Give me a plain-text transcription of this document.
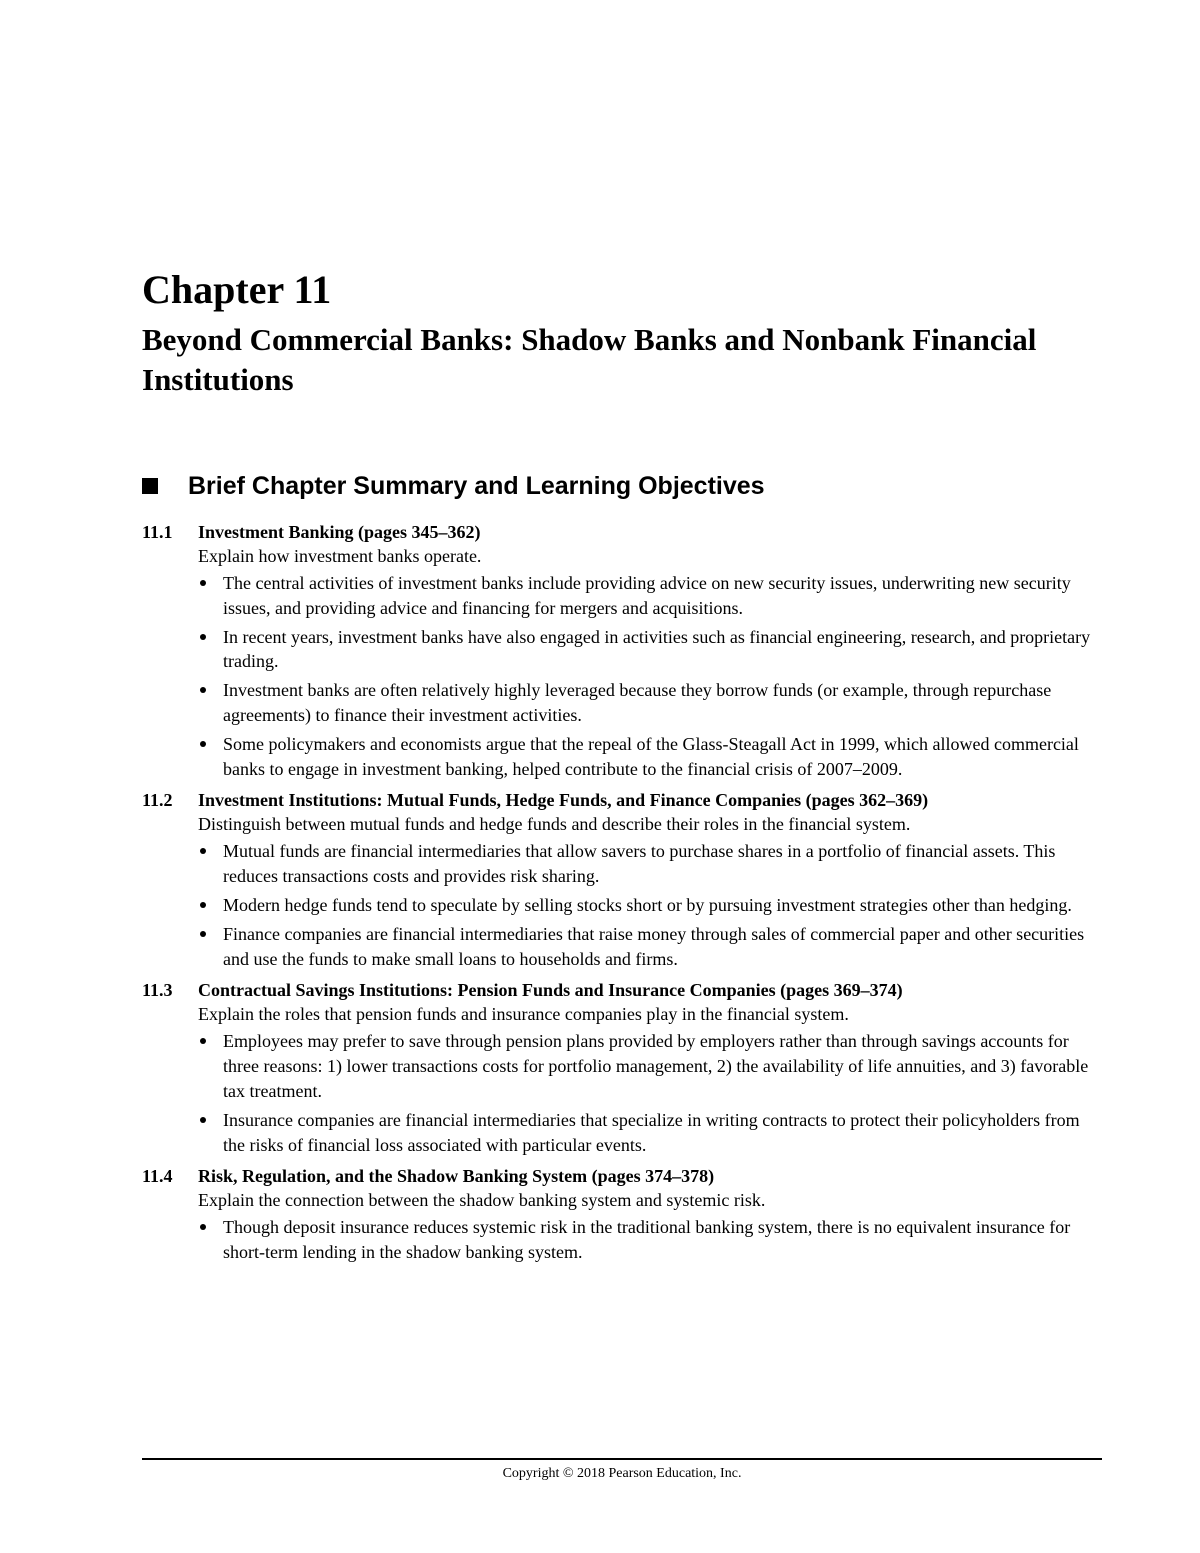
Chapter 11
Beyond Commercial Banks: Shadow Banks and Nonbank Financial Institutions
Brief Chapter Summary and Learning Objectives
11.1	Investment Banking (pages 345–362)
Explain how investment banks operate.
The central activities of investment banks include providing advice on new security issues, underwriting new security issues, and providing advice and financing for mergers and acquisitions.
In recent years, investment banks have also engaged in activities such as financial engineering, research, and proprietary trading.
Investment banks are often relatively highly leveraged because they borrow funds (or example, through repurchase agreements) to finance their investment activities.
Some policymakers and economists argue that the repeal of the Glass-Steagall Act in 1999, which allowed commercial banks to engage in investment banking, helped contribute to the financial crisis of 2007–2009.
11.2	Investment Institutions: Mutual Funds, Hedge Funds, and Finance Companies (pages 362–369)
Distinguish between mutual funds and hedge funds and describe their roles in the financial system.
Mutual funds are financial intermediaries that allow savers to purchase shares in a portfolio of financial assets. This reduces transactions costs and provides risk sharing.
Modern hedge funds tend to speculate by selling stocks short or by pursuing investment strategies other than hedging.
Finance companies are financial intermediaries that raise money through sales of commercial paper and other securities and use the funds to make small loans to households and firms.
11.3	Contractual Savings Institutions: Pension Funds and Insurance Companies (pages 369–374)
Explain the roles that pension funds and insurance companies play in the financial system.
Employees may prefer to save through pension plans provided by employers rather than through savings accounts for three reasons: 1) lower transactions costs for portfolio management, 2) the availability of life annuities, and 3) favorable tax treatment.
Insurance companies are financial intermediaries that specialize in writing contracts to protect their policyholders from the risks of financial loss associated with particular events.
11.4	Risk, Regulation, and the Shadow Banking System (pages 374–378)
Explain the connection between the shadow banking system and systemic risk.
Though deposit insurance reduces systemic risk in the traditional banking system, there is no equivalent insurance for short-term lending in the shadow banking system.
Copyright © 2018 Pearson Education, Inc.
